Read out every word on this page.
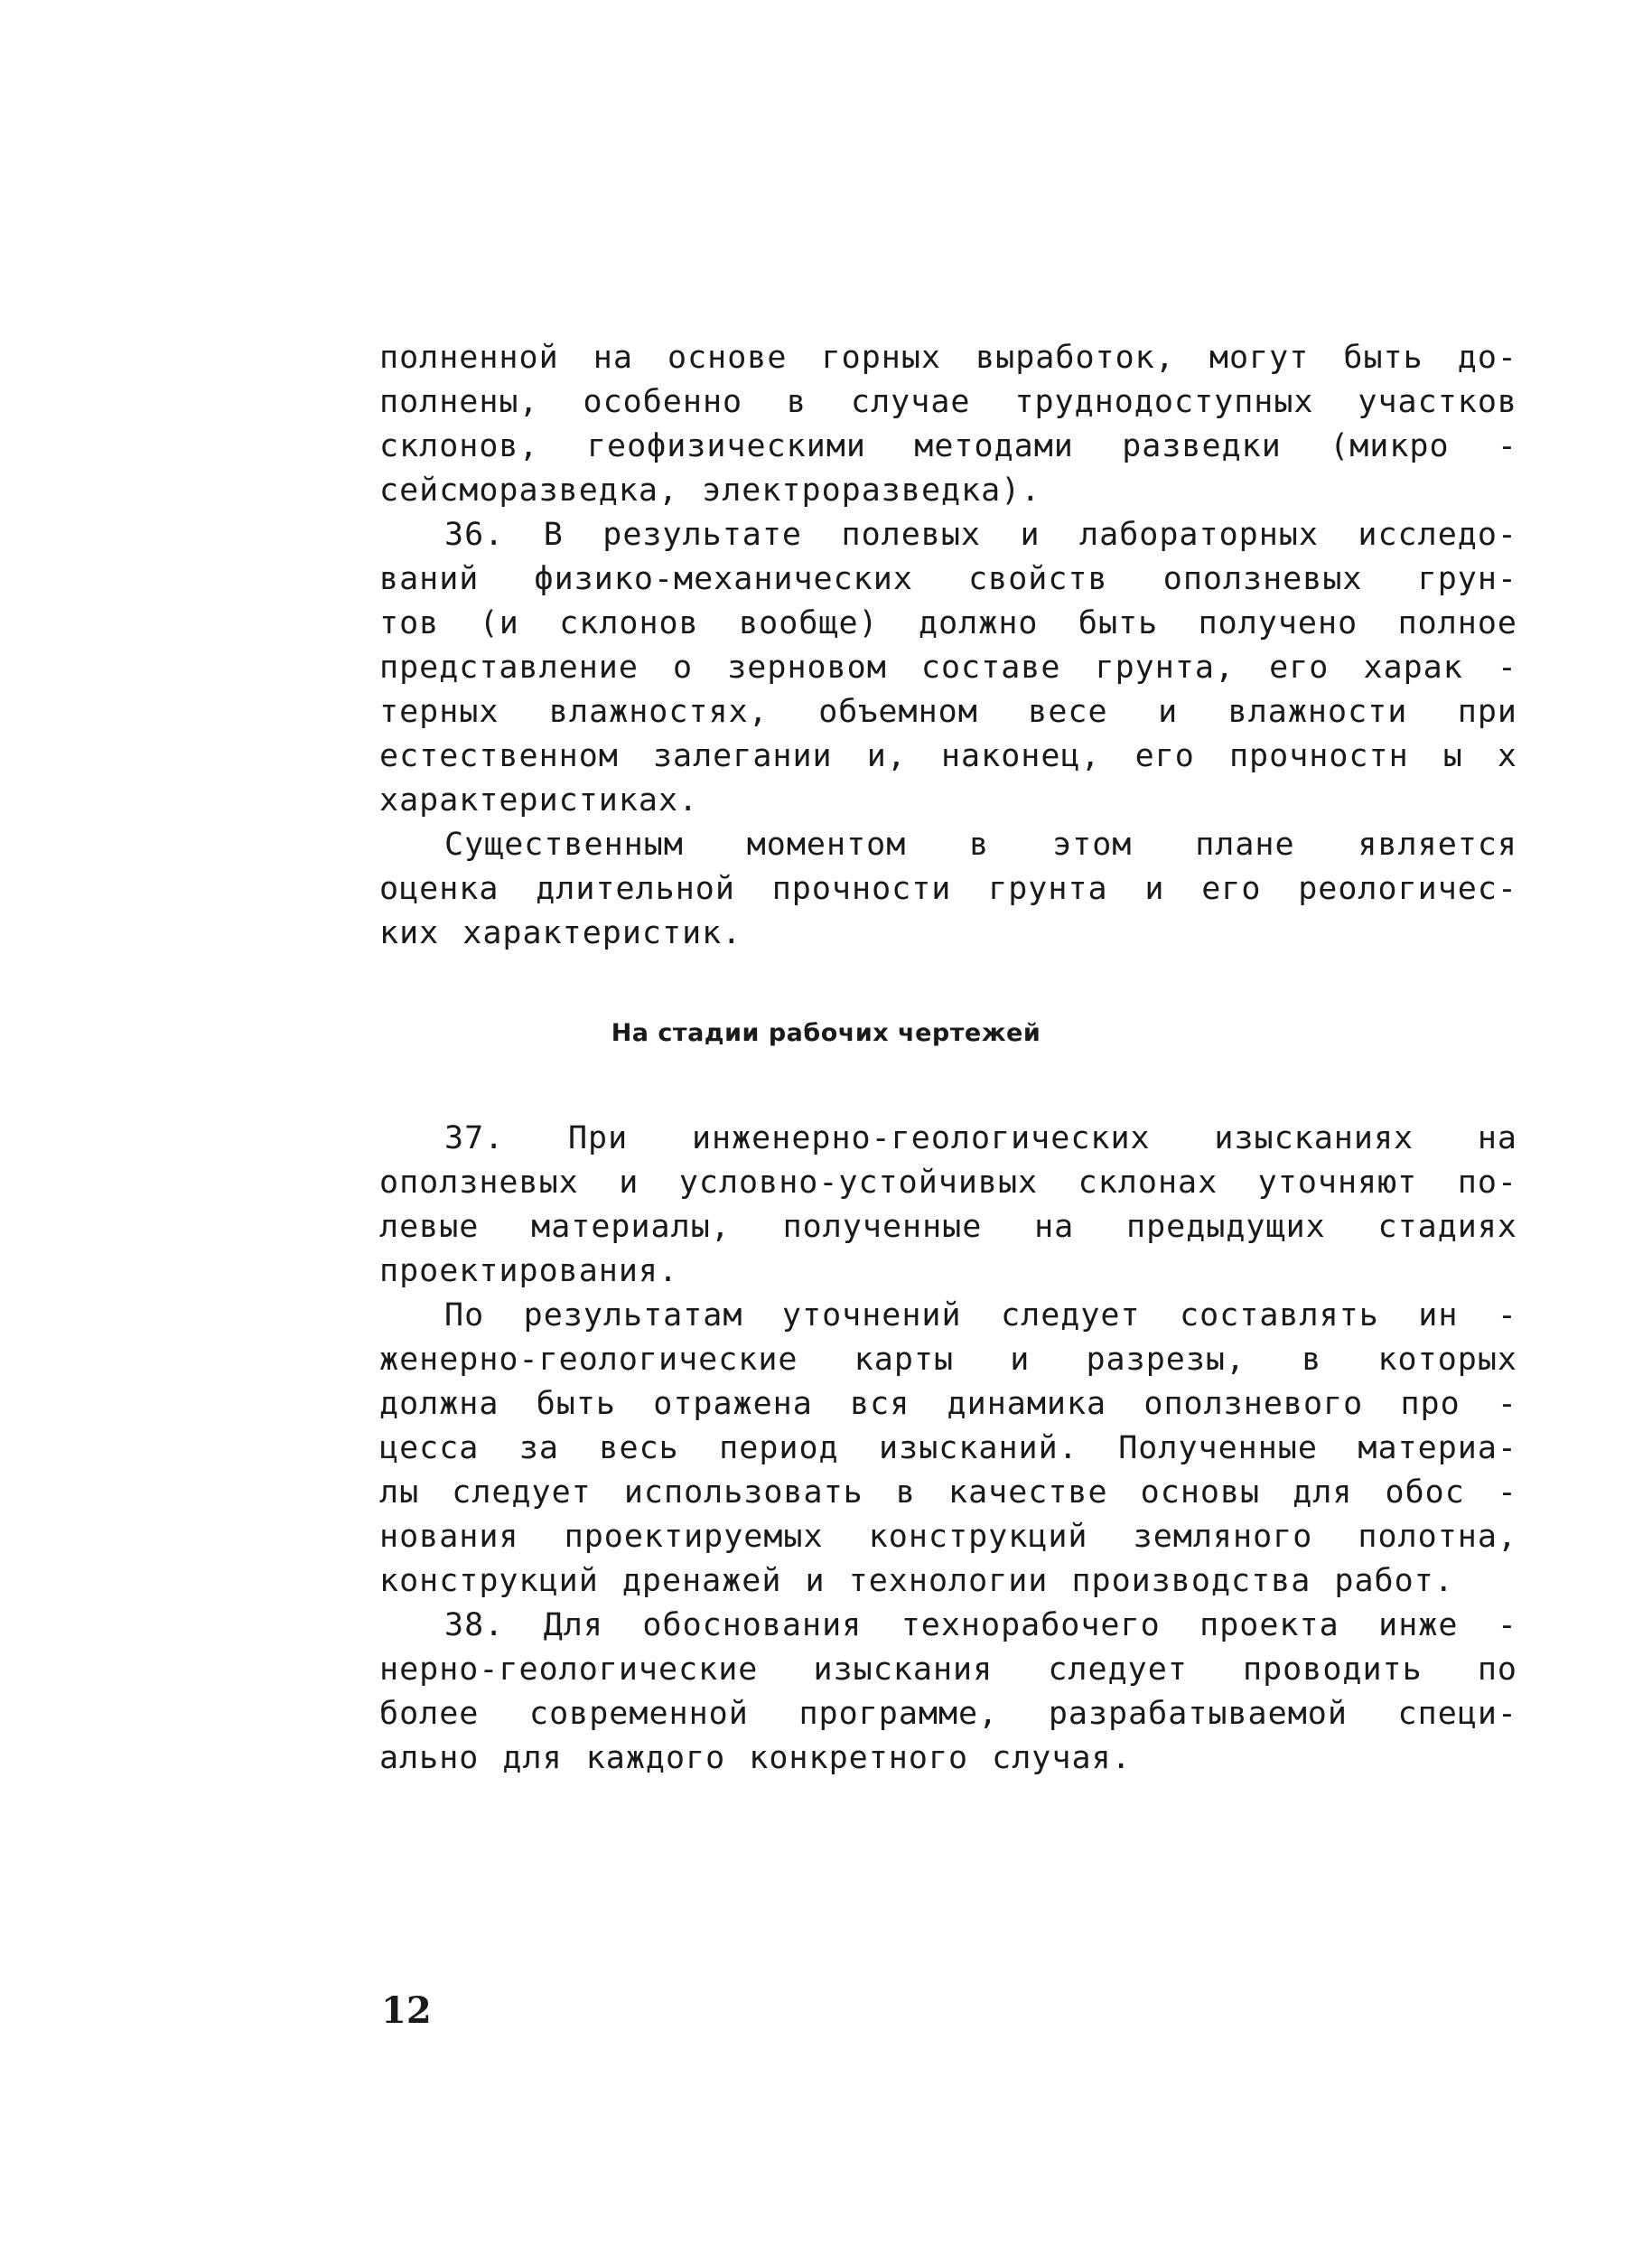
полненной на основе горных выработок, могут быть до-
полнены, особенно в случае труднодоступных участков
склонов, геофизическими методами разведки (микро -
сейсморазведка, электроразведка).
36. В результате полевых и лабораторных исследо-
ваний физико-механических свойств оползневых грун-
тов (и склонов вообще) должно быть получено полное
представление о зерновом составе грунта, его харак -
терных влажностях, объемном весе и влажности при
естественном залегании и, наконец, его прочностн ы х
характеристиках.
Существенным моментом в этом плане является
оценка длительной прочности грунта и его реологичес-
ких характеристик.
На стадии рабочих чертежей
37. При инженерно-геологических изысканиях на
оползневых и условно-устойчивых склонах уточняют по-
левые материалы, полученные на предыдущих стадиях
проектирования.
По результатам уточнений следует составлять ин -
женерно-геологические карты и разрезы, в которых
должна быть отражена вся динамика оползневого про -
цесса за весь период изысканий. Полученные материа-
лы следует использовать в качестве основы для обос -
нования проектируемых конструкций земляного полотна,
конструкций дренажей и технологии производства работ.
38. Для обоснования технорабочего проекта инже -
нерно-геологические изыскания следует проводить по
более современной программе, разрабатываемой специ-
ально для каждого конкретного случая.
12
